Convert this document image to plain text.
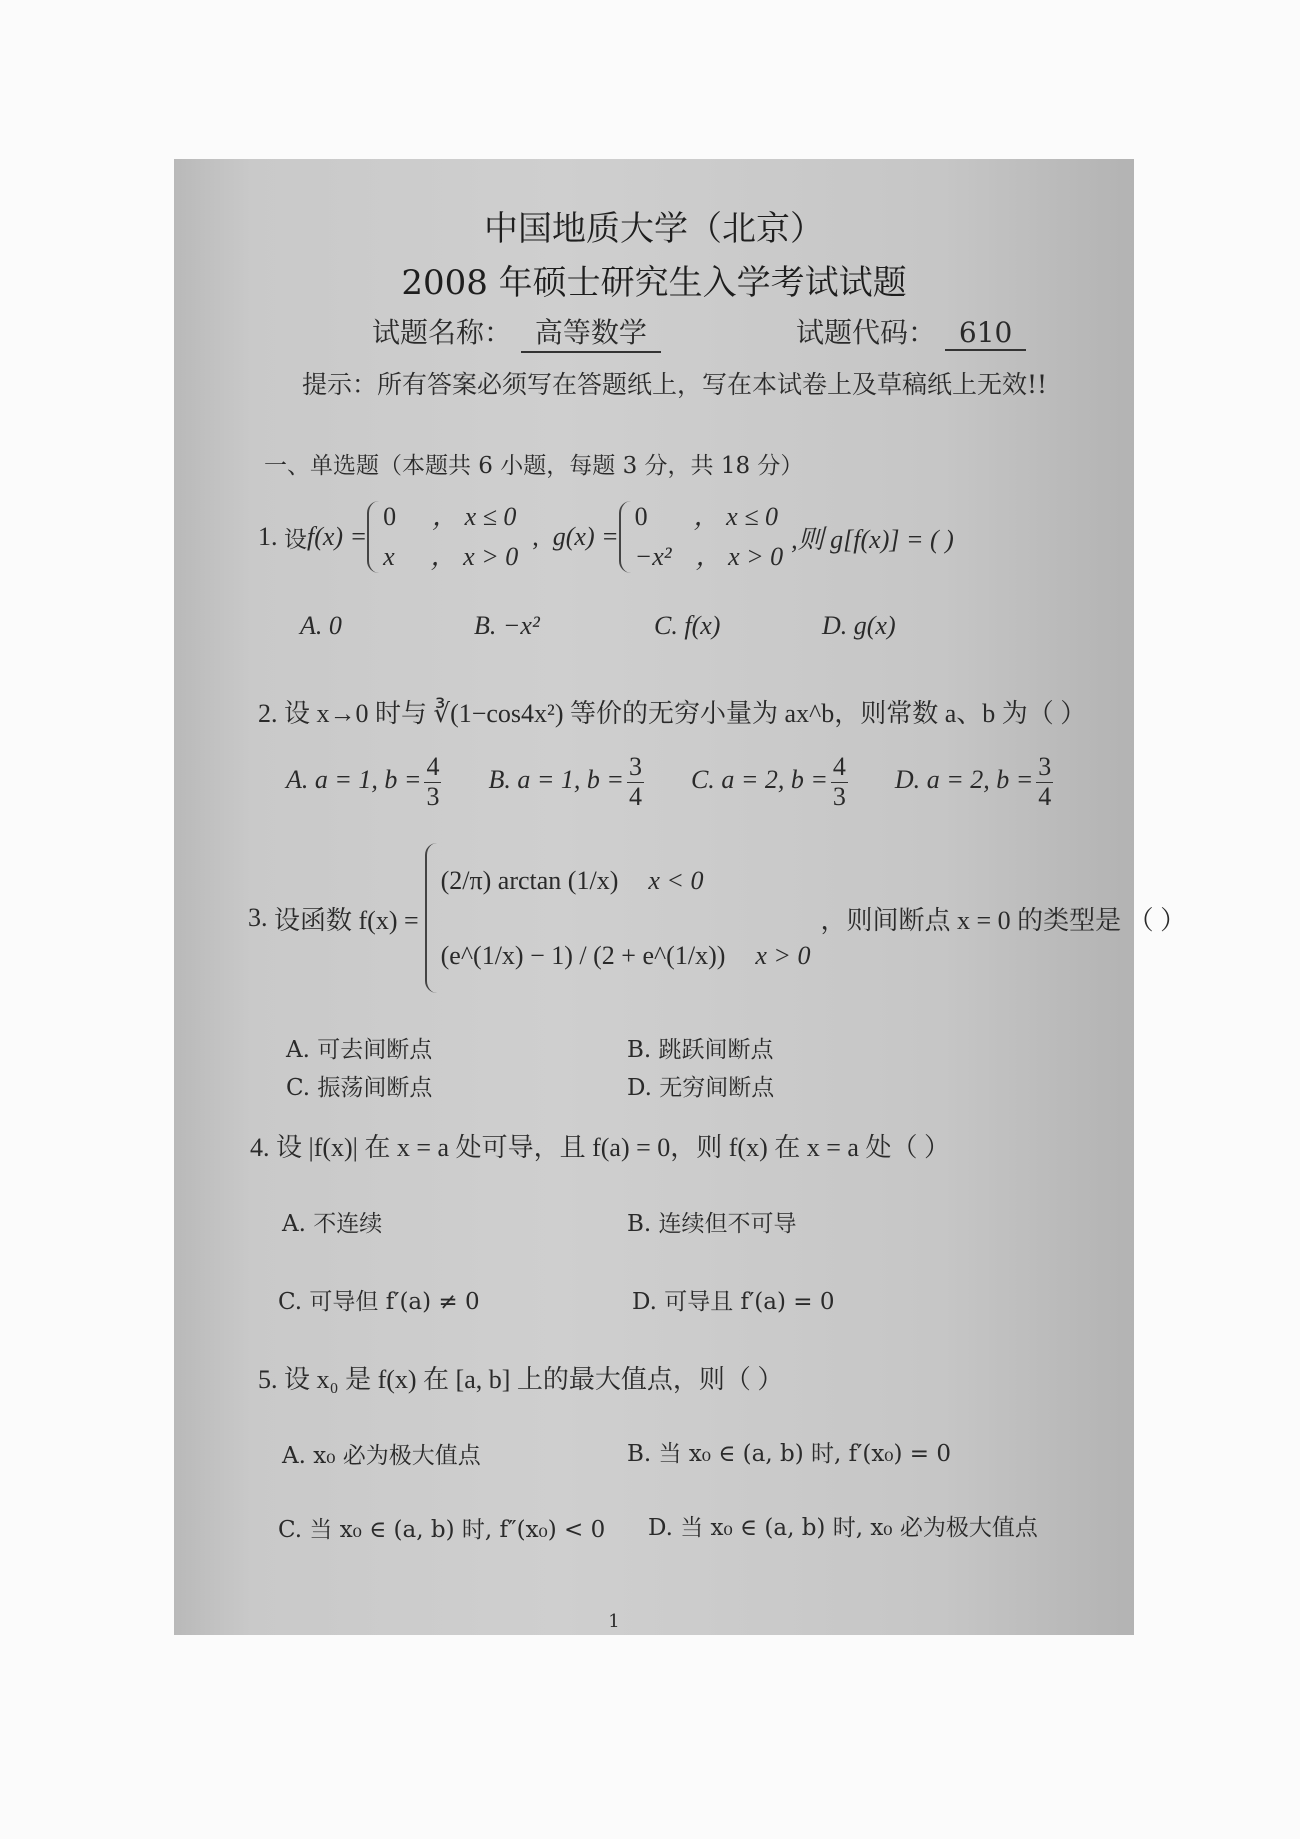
中国地质大学（北京）
2008 年硕士研究生入学考试试题
试题名称： 高等数学	试题代码： 610
提示：所有答案必须写在答题纸上，写在本试卷上及草稿纸上无效!!
一、单选题（本题共 6 小题，每题 3 分，共 18 分）
1.
设 f(x) =
0 ， x ≤ 0
x ， x > 0
, g(x) =
0 ， x ≤ 0
−x² ， x > 0
,则 g[f(x)] = ( )
A. 0	B. −x²	C. f(x)	D. g(x)
2. 设 x→0 时与 ∛(1−cos4x²) 等价的无穷小量为 ax^b，则常数 a、b 为（ ）
A. a = 1, $b = \frac{4}{3} B$. a = 1, $b = \frac{3}{4} C$. a = 2, $b = \frac{4}{3} D$. a = 2, $b = \frac{3}{4}$
3.
设函数 f(x) =
(2/π) arctan (1/x) x < 0
(e^(1/x) − 1) / (2 + e^(1/x)) x > 0
，则间断点 x = 0 的类型是 （ ）
A. 可去间断点	B. 跳跃间断点
C. 振荡间断点	D. 无穷间断点
4. 设 |f(x)| 在 x = a 处可导，且 f(a) = 0，则 f(x) 在 x = a 处（ ）
A. 不连续	B. 连续但不可导
C. 可导但 f′(a) ≠ 0	D. 可导且 f′(a) = 0
5. 设 x₀ 是 f(x) 在 [a, b] 上的最大值点，则（ ）
A. x₀ 必为极大值点	B. 当 x₀ ∈ (a, b) 时, f′(x₀) = 0
C. 当 x₀ ∈ (a, b) 时, f″(x₀) < 0 D. 当 x₀ ∈ (a, b) 时, x₀ 必为极大值点
1
